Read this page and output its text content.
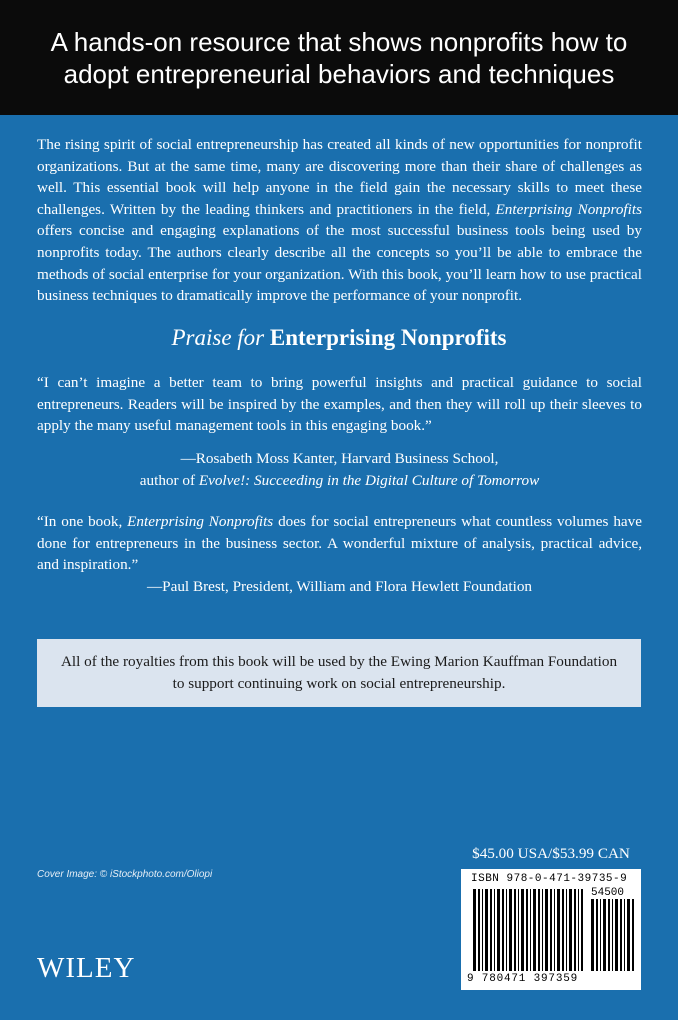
A hands-on resource that shows nonprofits how to adopt entrepreneurial behaviors and techniques
The rising spirit of social entrepreneurship has created all kinds of new opportunities for nonprofit organizations. But at the same time, many are discovering more than their share of challenges as well. This essential book will help anyone in the field gain the necessary skills to meet these challenges. Written by the leading thinkers and practitioners in the field, Enterprising Nonprofits offers concise and engaging explanations of the most successful business tools being used by nonprofits today. The authors clearly describe all the concepts so you’ll be able to embrace the methods of social enterprise for your organization. With this book, you’ll learn how to use practical business techniques to dramatically improve the performance of your nonprofit.
Praise for Enterprising Nonprofits
“I can’t imagine a better team to bring powerful insights and practical guidance to social entrepreneurs. Readers will be inspired by the examples, and then they will roll up their sleeves to apply the many useful management tools in this engaging book.”
—Rosabeth Moss Kanter, Harvard Business School,
author of Evolve!: Succeeding in the Digital Culture of Tomorrow
“In one book, Enterprising Nonprofits does for social entrepreneurs what countless volumes have done for entrepreneurs in the business sector. A wonderful mixture of analysis, practical advice, and inspiration.”
—Paul Brest, President, William and Flora Hewlett Foundation
All of the royalties from this book will be used by the Ewing Marion Kauffman Foundation
to support continuing work on social entrepreneurship.
$45.00 USA/$53.99 CAN
Cover Image: © iStockphoto.com/Oliopi	ISBN 978-0-471-39735-9
54500
9 780471 397359
WILEY
